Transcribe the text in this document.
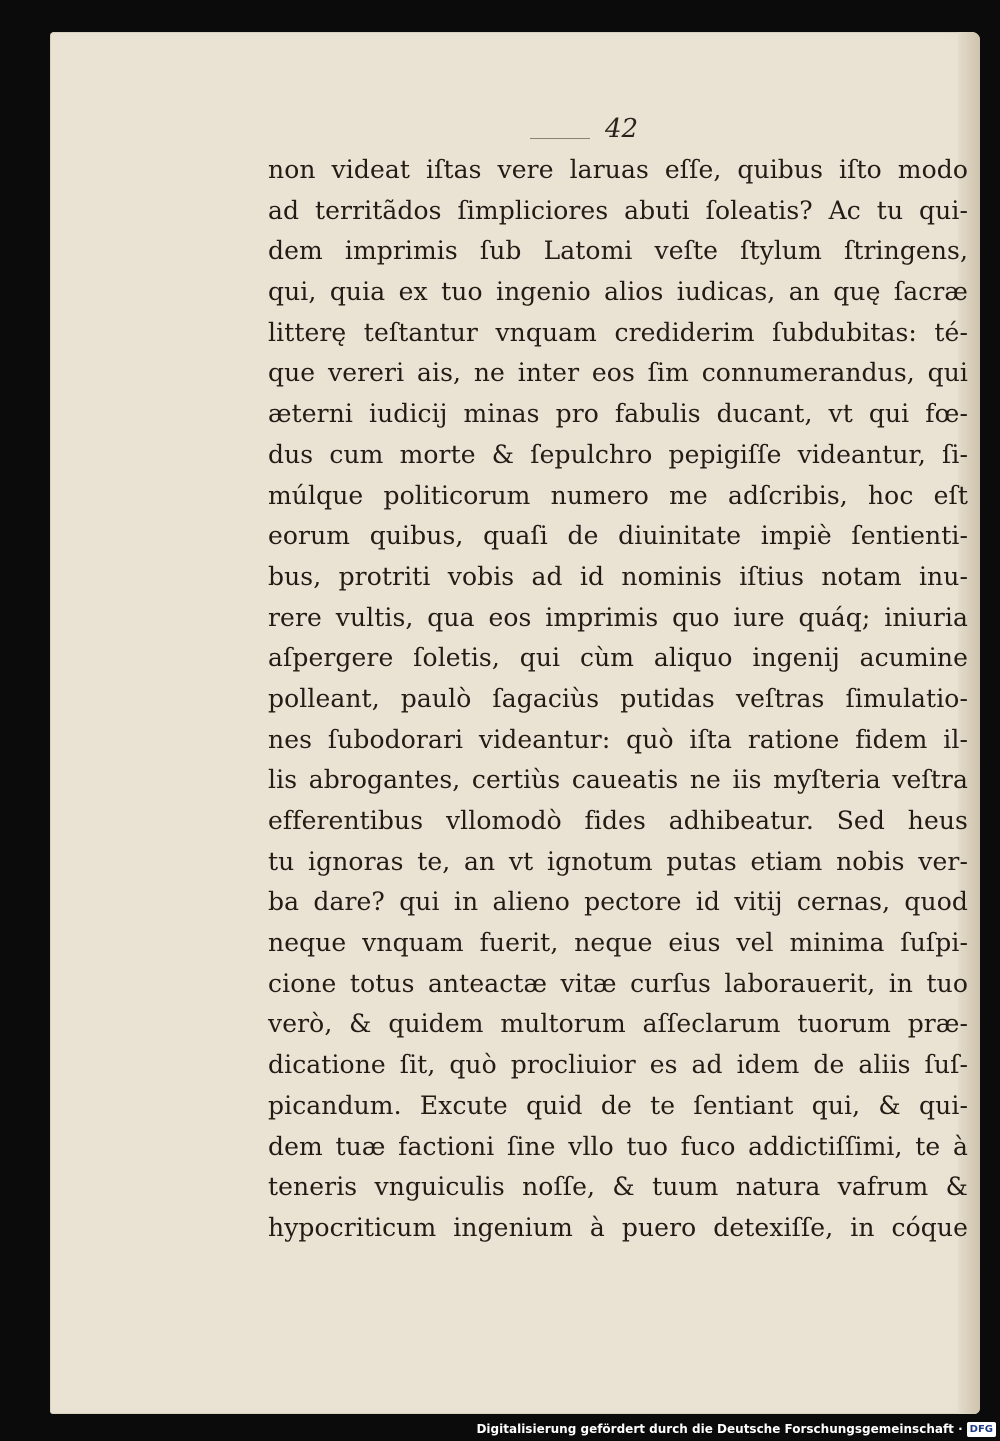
42
non videat iſtas vere laruas eſſe, quibus iſto modo
ad territãdos ſimpliciores abuti ſoleatis? Ac tu qui-
dem imprimis ſub Latomi veſte ſtylum ſtringens,
qui, quia ex tuo ingenio alios iudicas, an quę ſacræ
litterę teſtantur vnquam crediderim ſubdubitas: té-
que vereri ais, ne inter eos ſim connumerandus, qui
æterni iudicij minas pro fabulis ducant, vt qui fœ-
dus cum morte & ſepulchro pepigiſſe videantur, ſi-
múlque politicorum numero me adſcribis, hoc eſt
eorum quibus, quaſi de diuinitate impiè ſentienti-
bus, protriti vobis ad id nominis iſtius notam inu-
rere vultis, qua eos imprimis quo iure quáq; iniuria
aſpergere ſoletis, qui cùm aliquo ingenij acumine
polleant, paulò ſagaciùs putidas veſtras ſimulatio-
nes ſubodorari videantur: quò iſta ratione fidem il-
lis abrogantes, certiùs caueatis ne iis myſteria veſtra
efferentibus vllomodò fides adhibeatur. Sed heus
tu ignoras te, an vt ignotum putas etiam nobis ver-
ba dare? qui in alieno pectore id vitij cernas, quod
neque vnquam fuerit, neque eius vel minima ſuſpi-
cione totus anteactæ vitæ curſus laborauerit, in tuo
verò, & quidem multorum aſſeclarum tuorum præ-
dicatione ſit, quò procliuior es ad idem de aliis ſuſ-
picandum. Excute quid de te ſentiant qui, & qui-
dem tuæ factioni ſine vllo tuo fuco addictiſſimi, te à
teneris vnguiculis noſſe, & tuum natura vafrum &
hypocriticum ingenium à puero detexiſſe, in cóque
Digitalisierung gefördert durch die Deutsche Forschungsgemeinschaft · DFG
